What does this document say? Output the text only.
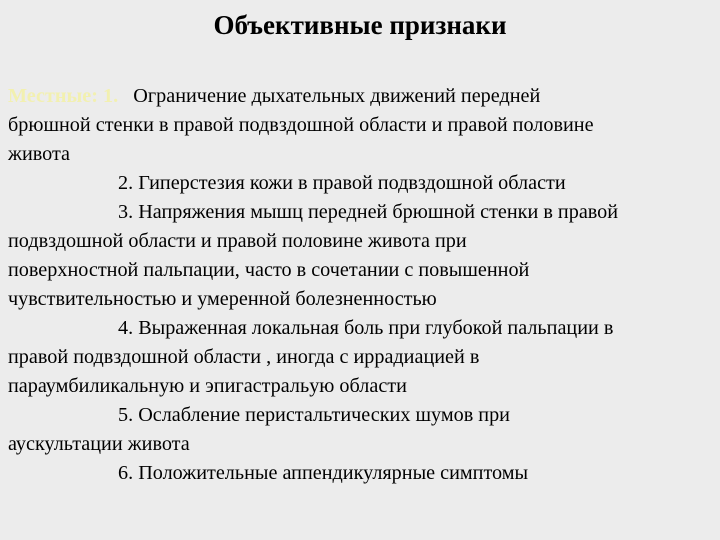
Объективные признаки
Местные: 1. Ограничение дыхательных движений передней
брюшной стенки в правой подвздошной области и правой половине
живота
2. Гиперстезия кожи в правой подвздошной области
3. Напряжения мышц передней брюшной стенки в правой
подвздошной области и правой половине живота при
поверхностной пальпации, часто в сочетании с повышенной
чувствительностью и умеренной болезненностью
4. Выраженная локальная боль при глубокой пальпации в
правой подвздошной области , иногда с иррадиацией в
параумбиликальную и эпигастральую области
5. Ослабление перистальтических шумов при
аускультации живота
6. Положительные аппендикулярные симптомы
